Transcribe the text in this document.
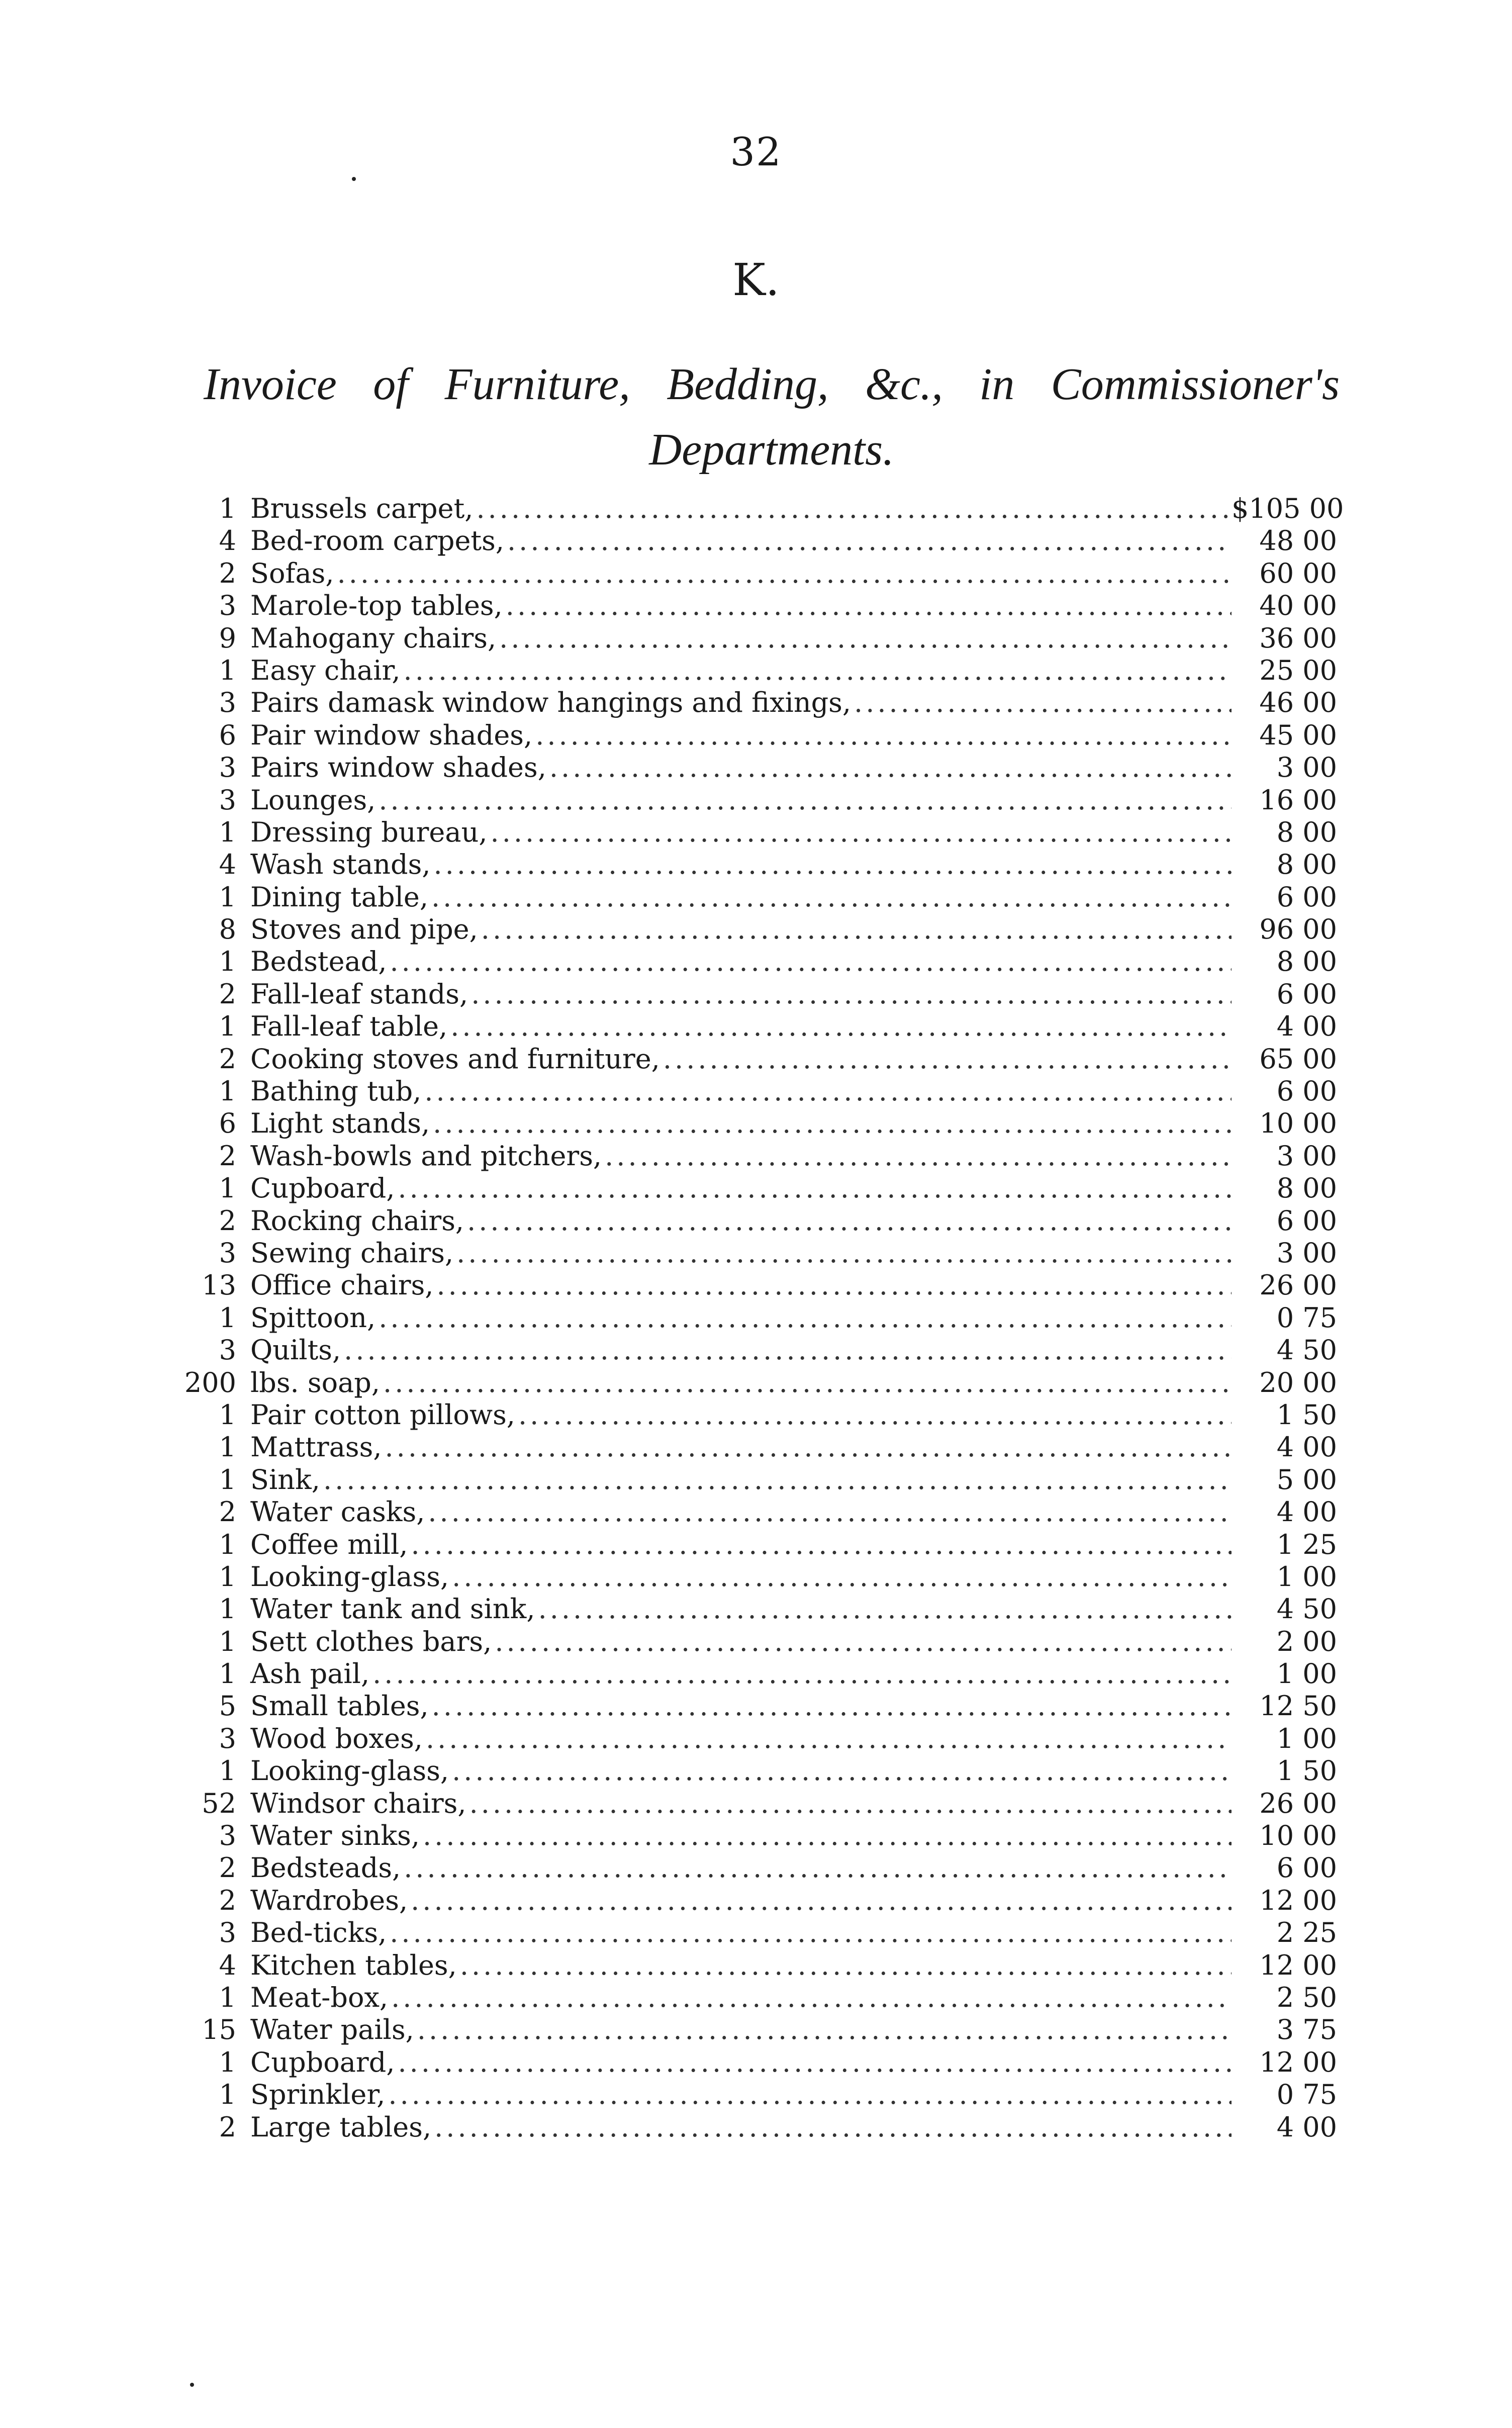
32
K.
Invoice of Furniture, Bedding, &c., in Commissioner's Departments.
1 Brussels carpet, .....	$105 00
4 Bed-room carpets, .....	48 00
2 Sofas, .....	60 00
3 Marole-top tables, .....	40 00
9 Mahogany chairs, .....	36 00
1 Easy chair, .....	25 00
3 Pairs damask window hangings and fixings, .....	46 00
6 Pair window shades, .....	45 00
3 Pairs window shades, .....	3 00
3 Lounges, .....	16 00
1 Dressing bureau, .....	8 00
4 Wash stands, .....	8 00
1 Dining table, .....	6 00
8 Stoves and pipe, .....	96 00
1 Bedstead, .....	8 00
2 Fall-leaf stands, .....	6 00
1 Fall-leaf table, .....	4 00
2 Cooking stoves and furniture, .....	65 00
1 Bathing tub, .....	6 00
6 Light stands, .....	10 00
2 Wash-bowls and pitchers, .....	3 00
1 Cupboard, .....	8 00
2 Rocking chairs, .....	6 00
3 Sewing chairs, .....	3 00
13 Office chairs, .....	26 00
1 Spittoon, .....	0 75
3 Quilts, .....	4 50
200 lbs. soap, .....	20 00
1 Pair cotton pillows, .....	1 50
1 Mattrass, .....	4 00
1 Sink, .....	5 00
2 Water casks, .....	4 00
1 Coffee mill, .....	1 25
1 Looking-glass, .....	1 00
1 Water tank and sink, .....	4 50
1 Sett clothes bars, .....	2 00
1 Ash pail, .....	1 00
5 Small tables, .....	12 50
3 Wood boxes, .....	1 00
1 Looking-glass, .....	1 50
52 Windsor chairs, .....	26 00
3 Water sinks, .....	10 00
2 Bedsteads, .....	6 00
2 Wardrobes, .....	12 00
3 Bed-ticks, .....	2 25
4 Kitchen tables, .....	12 00
1 Meat-box, .....	2 50
15 Water pails, .....	3 75
1 Cupboard, .....	12 00
1 Sprinkler, .....	0 75
2 Large tables, .....	4 00
